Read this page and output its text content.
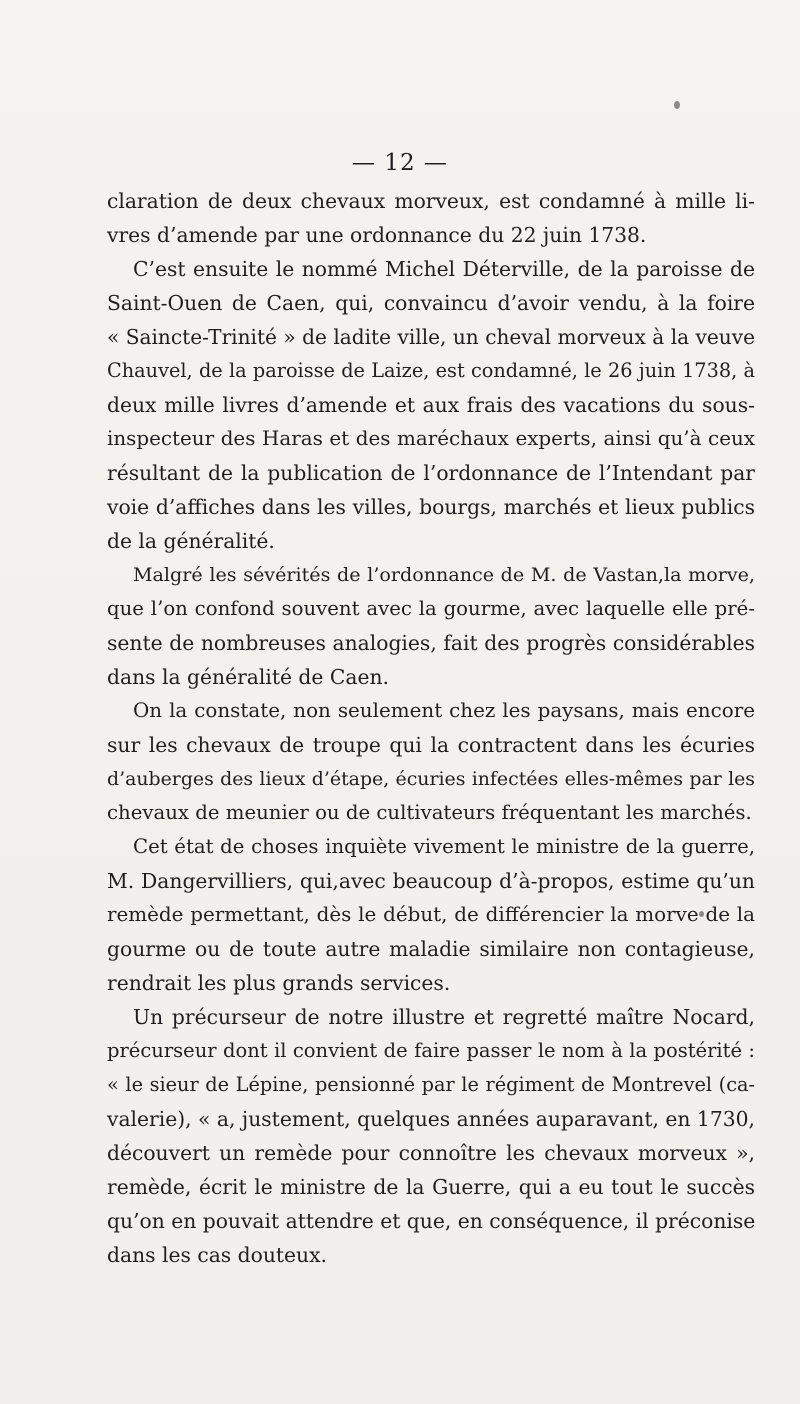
— 12 —
claration de deux chevaux morveux, est condamné à mille li-
vres d’amende par une ordonnance du 22 juin 1738.
C’est ensuite le nommé Michel Déterville, de la paroisse de
Saint-Ouen de Caen, qui, convaincu d’avoir vendu, à la foire
« Saincte-Trinité » de ladite ville, un cheval morveux à la veuve
Chauvel, de la paroisse de Laize, est condamné, le 26 juin 1738, à
deux mille livres d’amende et aux frais des vacations du sous-
inspecteur des Haras et des maréchaux experts, ainsi qu’à ceux
résultant de la publication de l’ordonnance de l’Intendant par
voie d’affiches dans les villes, bourgs, marchés et lieux publics
de la généralité.
Malgré les sévérités de l’ordonnance de M. de Vastan,la morve,
que l’on confond souvent avec la gourme, avec laquelle elle pré-
sente de nombreuses analogies, fait des progrès considérables
dans la généralité de Caen.
On la constate, non seulement chez les paysans, mais encore
sur les chevaux de troupe qui la contractent dans les écuries
d’auberges des lieux d’étape, écuries infectées elles-mêmes par les
chevaux de meunier ou de cultivateurs fréquentant les marchés.
Cet état de choses inquiète vivement le ministre de la guerre,
M. Dangervilliers, qui,avec beaucoup d’à-propos, estime qu’un
remède permettant, dès le début, de différencier la morve de la
gourme ou de toute autre maladie similaire non contagieuse,
rendrait les plus grands services.
Un précurseur de notre illustre et regretté maître Nocard,
précurseur dont il convient de faire passer le nom à la postérité :
« le sieur de Lépine, pensionné par le régiment de Montrevel (ca-
valerie), « a, justement, quelques années auparavant, en 1730,
découvert un remède pour connoître les chevaux morveux »,
remède, écrit le ministre de la Guerre, qui a eu tout le succès
qu’on en pouvait attendre et que, en conséquence, il préconise
dans les cas douteux.
